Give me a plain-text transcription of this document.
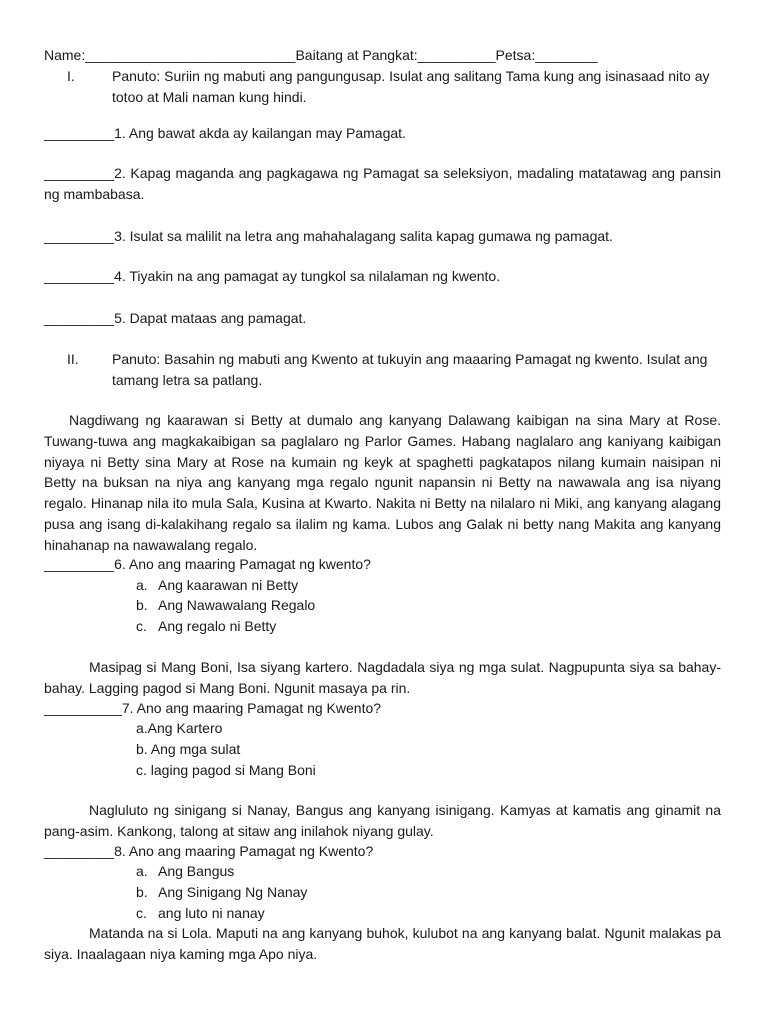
Name:___________________________Baitang at Pangkat:__________Petsa:________
I.	Panuto: Suriin ng mabuti ang pangungusap. Isulat ang salitang Tama kung ang isinasaad nito ay totoo at Mali naman kung hindi.
_________1. Ang bawat akda ay kailangan may Pamagat.
_________2. Kapag maganda ang pagkagawa ng Pamagat sa seleksiyon, madaling matatawag ang pansin ng mambabasa.
_________3. Isulat sa malilit na letra ang mahahalagang salita kapag gumawa ng pamagat.
_________4. Tiyakin na ang pamagat ay tungkol sa nilalaman ng kwento.
_________5. Dapat mataas ang pamagat.
II. Panuto: Basahin ng mabuti ang Kwento at tukuyin ang maaaring Pamagat ng kwento. Isulat ang tamang letra sa patlang.
Nagdiwang ng kaarawan si Betty at dumalo ang kanyang Dalawang kaibigan na sina Mary at Rose. Tuwang-tuwa ang magkakaibigan sa paglalaro ng Parlor Games. Habang naglalaro ang kaniyang kaibigan niyaya ni Betty sina Mary at Rose na kumain ng keyk at spaghetti pagkatapos nilang kumain naisipan ni Betty na buksan na niya ang kanyang mga regalo ngunit napansin ni Betty na nawawala ang isa niyang regalo. Hinanap nila ito mula Sala, Kusina at Kwarto. Nakita ni Betty na nilalaro ni Miki, ang kanyang alagang pusa ang isang di-kalakihang regalo sa ilalim ng kama. Lubos ang Galak ni betty nang Makita ang kanyang hinahanap na nawawalang regalo.
_________6. Ano ang maaring Pamagat ng kwento?
a. Ang kaarawan ni Betty
b. Ang Nawawalang Regalo
c. Ang regalo ni Betty
Masipag si Mang Boni, Isa siyang kartero. Nagdadala siya ng mga sulat. Nagpupunta siya sa bahay-bahay. Lagging pagod si Mang Boni. Ngunit masaya pa rin.
__________7. Ano ang maaring Pamagat ng Kwento?
a.Ang Kartero
b. Ang mga sulat
c. laging pagod si Mang Boni
Nagluluto ng sinigang si Nanay, Bangus ang kanyang isinigang. Kamyas at kamatis ang ginamit na pang-asim. Kankong, talong at sitaw ang inilahok niyang gulay.
_________8. Ano ang maaring Pamagat ng Kwento?
a. Ang Bangus
b. Ang Sinigang Ng Nanay
c. ang luto ni nanay
Matanda na si Lola. Maputi na ang kanyang buhok, kulubot na ang kanyang balat. Ngunit malakas pa siya. Inaalagaan niya kaming mga Apo niya.
